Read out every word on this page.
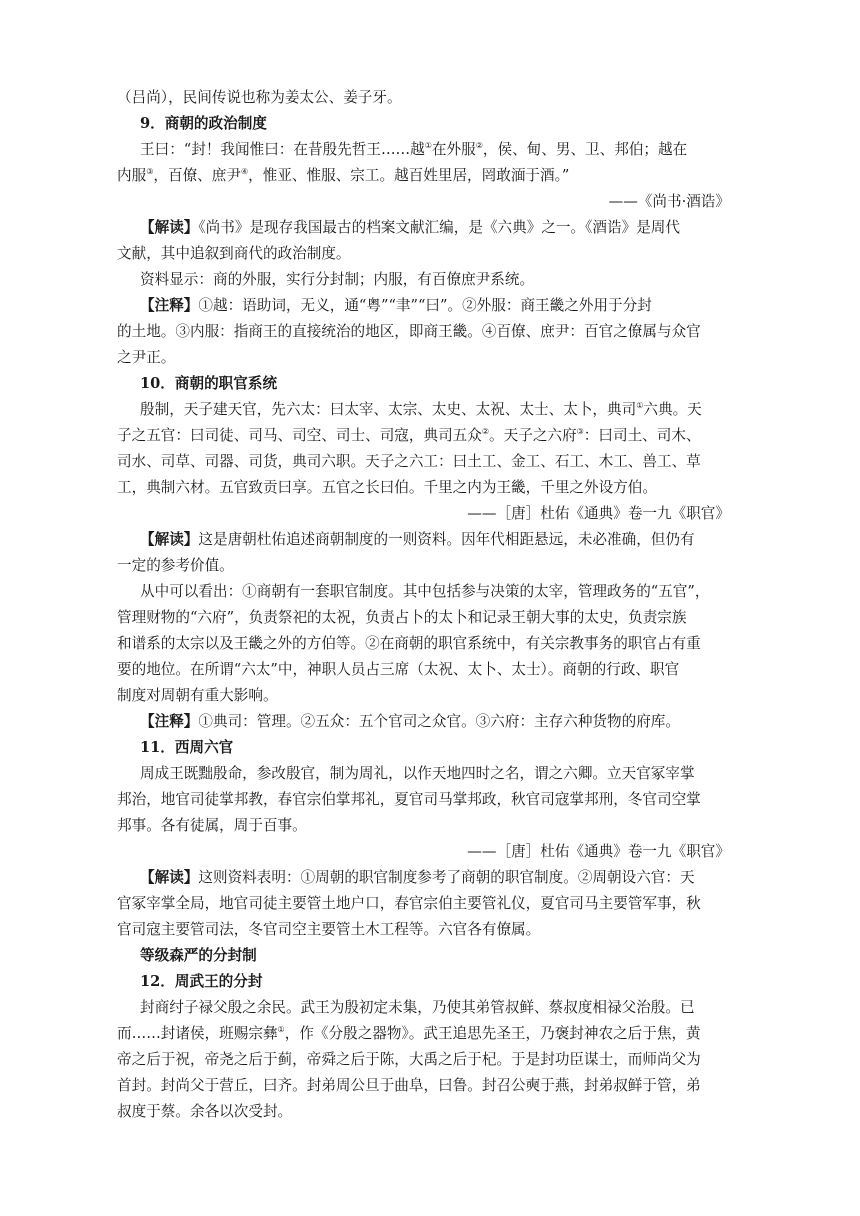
（吕尚），民间传说也称为姜太公、姜子牙。
9．商朝的政治制度
王曰：“封！我闻惟曰：在昔殷先哲王……越①在外服②，侯、甸、男、卫、邦伯；越在
内服③，百僚、庶尹④，惟亚、惟服、宗工。越百姓里居，罔敢湎于酒。”
——《尚书·酒诰》
【解读】《尚书》是现存我国最古的档案文献汇编，是《六典》之一。《酒诰》是周代
文献，其中追叙到商代的政治制度。
资料显示：商的外服，实行分封制；内服，有百僚庶尹系统。
【注释】①越：语助词，无义，通“粤”“聿”“曰”。②外服：商王畿之外用于分封
的土地。③内服：指商王的直接统治的地区，即商王畿。④百僚、庶尹：百官之僚属与众官
之尹正。
10．商朝的职官系统
殷制，天子建天官，先六太：曰太宰、太宗、太史、太祝、太士、太卜，典司①六典。天
子之五官：曰司徒、司马、司空、司士、司寇，典司五众②。天子之六府③：曰司土、司木、
司水、司草、司器、司货，典司六职。天子之六工：曰土工、金工、石工、木工、兽工、草
工，典制六材。五官致贡曰享。五官之长曰伯。千里之内为王畿，千里之外设方伯。
——［唐］杜佑《通典》卷一九《职官》
【解读】这是唐朝杜佑追述商朝制度的一则资料。因年代相距悬远，未必准确，但仍有
一定的参考价值。
从中可以看出：①商朝有一套职官制度。其中包括参与决策的太宰，管理政务的“五官”，
管理财物的“六府”，负责祭祀的太祝，负责占卜的太卜和记录王朝大事的太史，负责宗族
和谱系的太宗以及王畿之外的方伯等。②在商朝的职官系统中，有关宗教事务的职官占有重
要的地位。在所谓“六太”中，神职人员占三席（太祝、太卜、太士）。商朝的行政、职官
制度对周朝有重大影响。
【注释】①典司：管理。②五众：五个官司之众官。③六府：主存六种货物的府库。
11．西周六官
周成王既黜殷命，参改殷官，制为周礼，以作天地四时之名，谓之六卿。立天官冢宰掌
邦治，地官司徒掌邦教，春官宗伯掌邦礼，夏官司马掌邦政，秋官司寇掌邦刑，冬官司空掌
邦事。各有徒属，周于百事。
——［唐］杜佑《通典》卷一九《职官》
【解读】这则资料表明：①周朝的职官制度参考了商朝的职官制度。②周朝设六官：天
官冢宰掌全局，地官司徒主要管土地户口，春官宗伯主要管礼仪，夏官司马主要管军事，秋
官司寇主要管司法，冬官司空主要管土木工程等。六官各有僚属。
等级森严的分封制
12．周武王的分封
封商纣子禄父殷之余民。武王为殷初定未集，乃使其弟管叔鲜、蔡叔度相禄父治殷。已
而……封诸侯，班赐宗彝①，作《分殷之器物》。武王追思先圣王，乃褒封神农之后于焦，黄
帝之后于祝，帝尧之后于蓟，帝舜之后于陈，大禹之后于杞。于是封功臣谋士，而师尚父为
首封。封尚父于营丘，曰齐。封弟周公旦于曲阜，曰鲁。封召公奭于燕，封弟叔鲜于管，弟
叔度于蔡。余各以次受封。
